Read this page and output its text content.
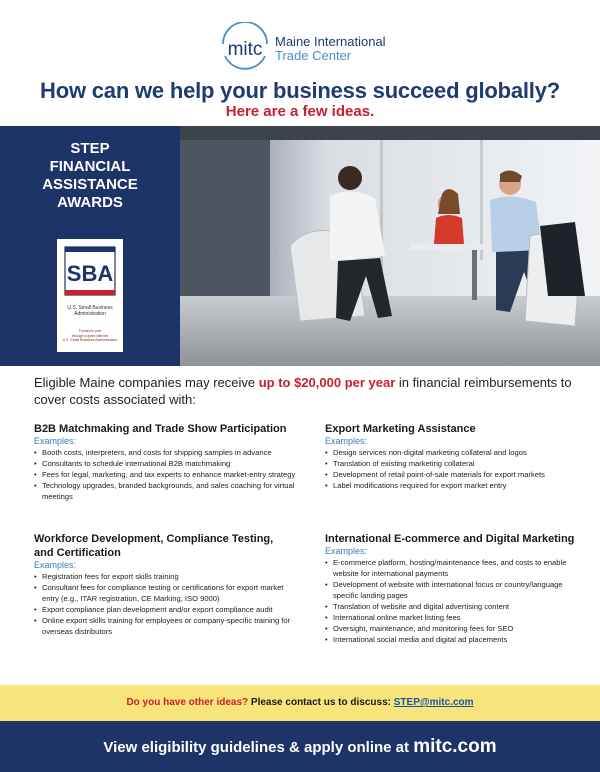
mitc Maine International
Trade Center
How can we help your business succeed globally?
Here are a few ideas.
STEP
FINANCIAL
ASSISTANCE
AWARDS
SBA
U.S. Small Business
Administration
Funded in part
through a grant with the
U.S. Small Business Administration
Eligible Maine companies may receive up to $20,000 per year in financial reimbursements to cover costs associated with:
B2B Matchmaking and Trade Show Participation
Examples:
• Booth costs, interpreters, and costs for shipping samples in advance
• Consultants to schedule international B2B matchmaking
• Fees for legal, marketing, and tax experts to enhance market-entry strategy
• Technology upgrades, branded backgrounds, and sales coaching for virtual meetings
Export Marketing Assistance
Examples:
• Design services non-digital marketing collateral and logos
• Translation of existing marketing collateral
• Development of retail point-of-sale materials for export markets
• Label modifications required for export market entry
Workforce Development, Compliance Testing,
and Certification
Examples:
• Registration fees for export skills training
• Consultant fees for compliance testing or certifications for export market entry (e.g., ITAR registration, CE Marking, ISO 9000)
• Export compliance plan development and/or export compliance audit
• Online export skills training for employees or company-specific training for overseas distributors
International E-commerce and Digital Marketing
Examples:
• E-commerce platform, hosting/maintenance fees, and costs to enable website for international payments
• Development of website with international focus or country/language specific landing pages
• Translation of website and digital advertising content
• International online market listing fees
• Oversight, maintenance, and monitoring fees for SEO
• International social media and digital ad placements
Do you have other ideas? Please contact us to discuss: STEP@mitc.com
View eligibility guidelines & apply online at mitc.com
